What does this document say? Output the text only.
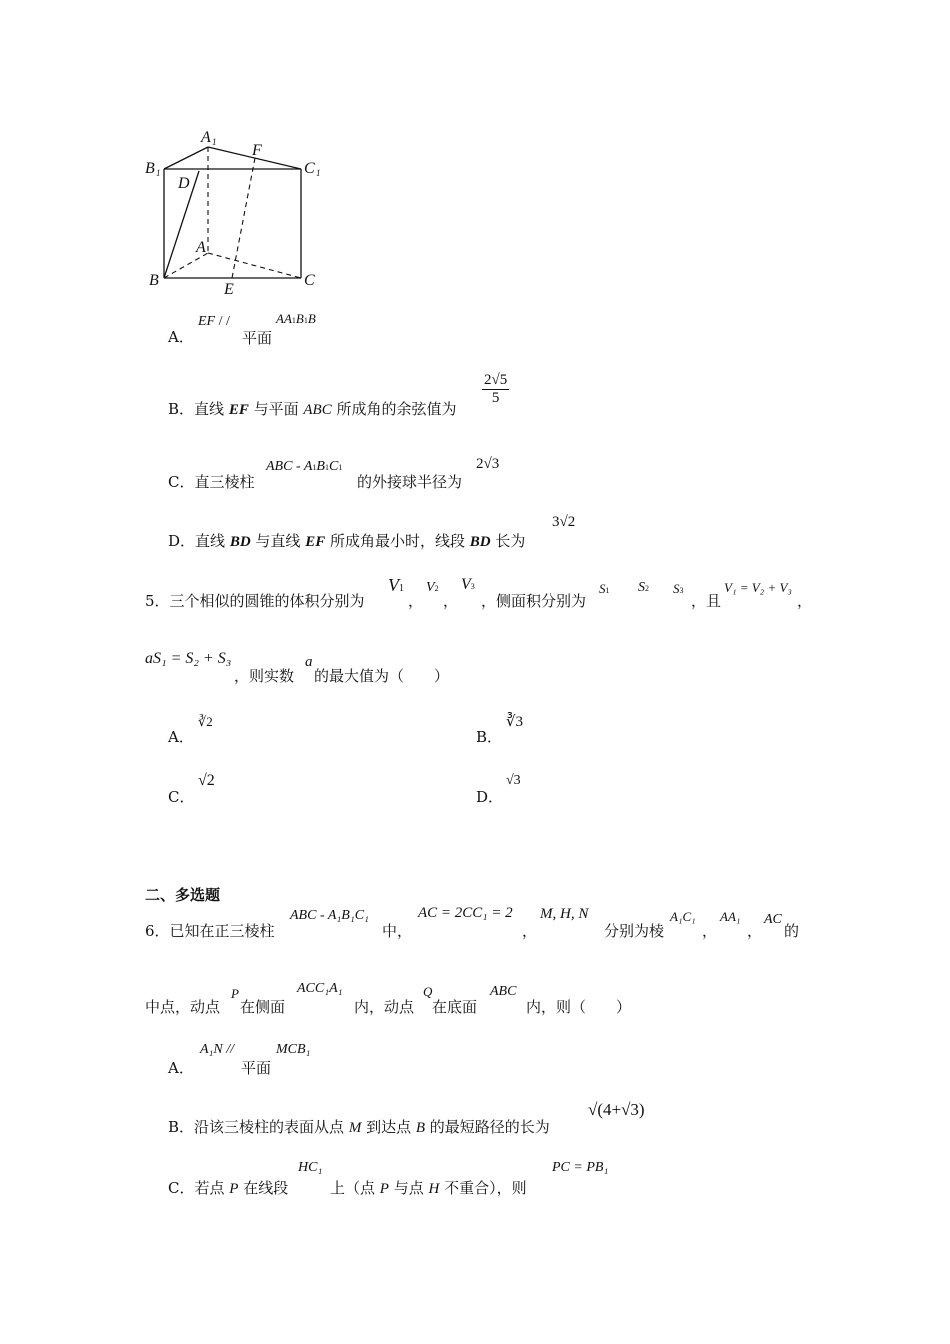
A 1
B 1	C 1
F
D
A
B	C
E
A．
EF / /
平面
AA1B1B
B．直线 EF 与平面 ABC 所成角的余弦值为
$\frac{2√5}{5}$
C．直三棱柱
ABC - A1B1C1
的外接球半径为
2√3
D．直线 BD 与直线 EF 所成角最小时，线段 BD 长为
3√2
5．三个相似的圆锥的体积分别为
V1
，
V2
，
V3
，侧面积分别为
S1 S2 S3
，且
V₁ = V₂ + V₃
，
aS₁ = S₂ + S₃
，则实数
a
的最大值为（　　）
A．
∛2
B．
∛3
C．
√2
D．
√3
二、多选题
6．已知在正三棱柱
ABC - A₁B₁C₁
中，
AC = 2CC₁ = 2
，
M, H, N
分别为棱
A₁C₁
，
AA₁
，
AC
的
中点，动点
P
在侧面
ACC₁A₁
内，动点
Q
在底面
ABC
内，则（　　）
A．
A₁N //
平面
MCB₁
B．沿该三棱柱的表面从点 M 到达点 B 的最短路径的长为
√(4+√3)
C．若点 P 在线段
HC₁
上（点 P 与点 H 不重合），则
PC = PB₁
